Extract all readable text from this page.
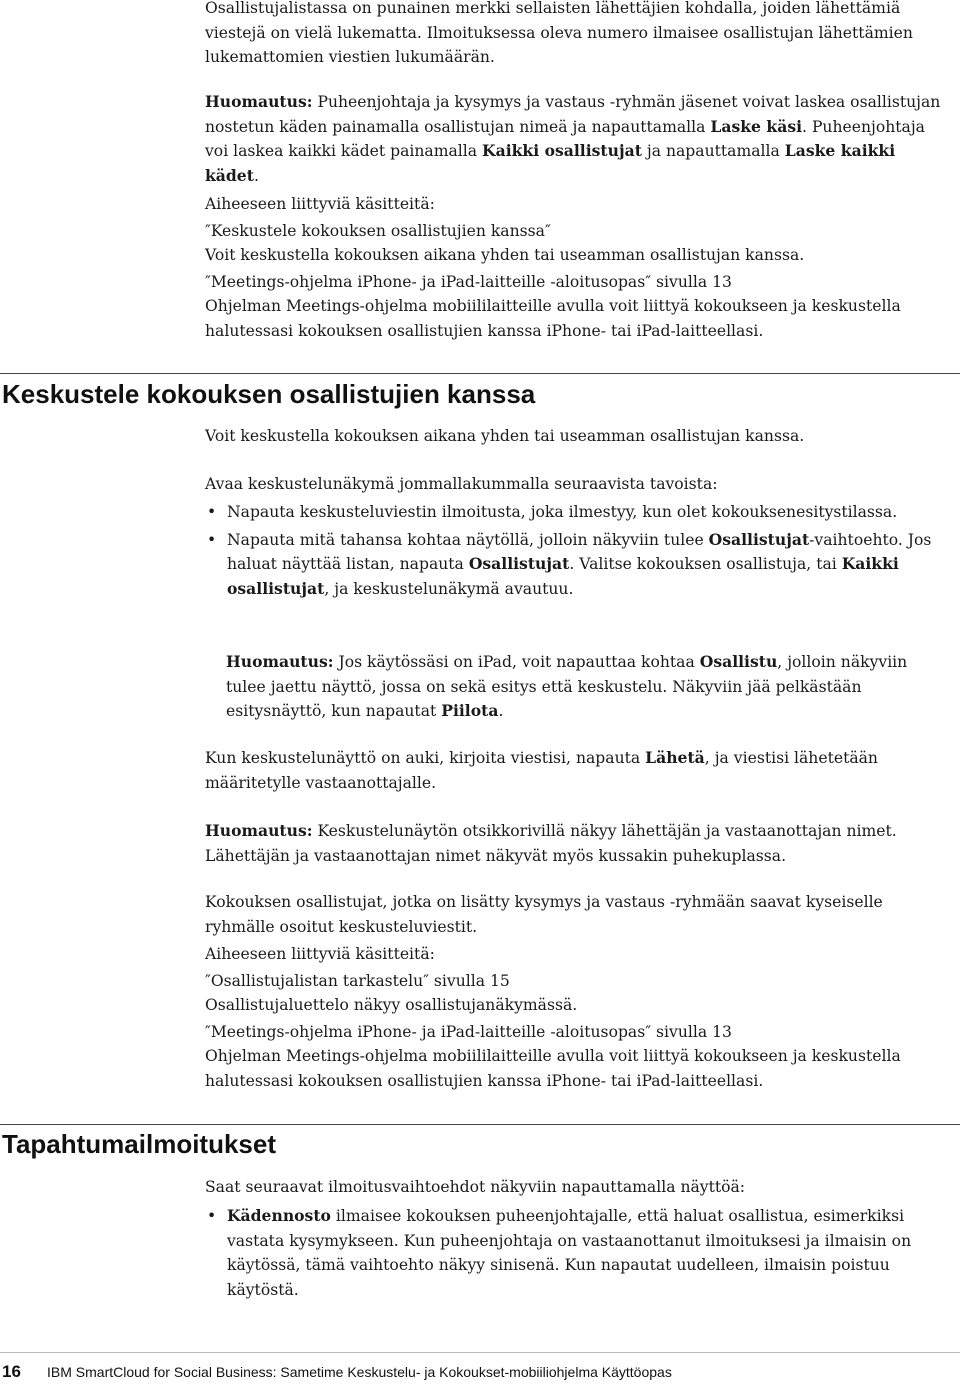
Osallistujalistassa on punainen merkki sellaisten lähettäjien kohdalla, joiden lähettämiä viestejä on vielä lukematta. Ilmoituksessa oleva numero ilmaisee osallistujan lähettämien lukemattomien viestien lukumäärän.

Huomautus: Puheenjohtaja ja kysymys ja vastaus -ryhmän jäsenet voivat laskea osallistujan nostetun käden painamalla osallistujan nimeä ja napauttamalla Laske käsi. Puheenjohtaja voi laskea kaikki kädet painamalla Kaikki osallistujat ja napauttamalla Laske kaikki kädet.

Aiheeseen liittyviä käsitteitä:
″Keskustele kokouksen osallistujien kanssa″
Voit keskustella kokouksen aikana yhden tai useamman osallistujan kanssa.
″Meetings-ohjelma iPhone- ja iPad-laitteille -aloitusopas″ sivulla 13
Ohjelman Meetings-ohjelma mobiililaitteille avulla voit liittyä kokoukseen ja keskustella halutessasi kokouksen osallistujien kanssa iPhone- tai iPad-laitteellasi.
Keskustele kokouksen osallistujien kanssa

Voit keskustella kokouksen aikana yhden tai useamman osallistujan kanssa.

Avaa keskustelunäkymä jommallakummalla seuraavista tavoista:

• Napauta keskusteluviestin ilmoitusta, joka ilmestyy, kun olet kokouksenesitystilassa.
• Napauta mitä tahansa kohtaa näytöllä, jolloin näkyviin tulee Osallistujat-vaihtoehto. Jos haluat näyttää listan, napauta Osallistujat. Valitse kokouksen osallistuja, tai Kaikki osallistujat, ja keskustelunäkymä avautuu.

Huomautus: Jos käytössäsi on iPad, voit napauttaa kohtaa Osallistu, jolloin näkyviin tulee jaettu näyttö, jossa on sekä esitys että keskustelu. Näkyviin jää pelkästään esitysnäyttö, kun napautat Piilota.

Kun keskustelunäyttö on auki, kirjoita viestisi, napauta Lähetä, ja viestisi lähetetään määritetylle vastaanottajalle.

Huomautus: Keskustelunäytön otsikkorivillä näkyy lähettäjän ja vastaanottajan nimet. Lähettäjän ja vastaanottajan nimet näkyvät myös kussakin puhekuplassa.

Kokouksen osallistujat, jotka on lisätty kysymys ja vastaus -ryhmään saavat kyseiselle ryhmälle osoitut keskusteluviestit.

Aiheeseen liittyviä käsitteitä:
″Osallistujalistan tarkastelu″ sivulla 15
Osallistujaluettelo näkyy osallistujanäkymässä.
″Meetings-ohjelma iPhone- ja iPad-laitteille -aloitusopas″ sivulla 13
Ohjelman Meetings-ohjelma mobiililaitteille avulla voit liittyä kokoukseen ja keskustella halutessasi kokouksen osallistujien kanssa iPhone- tai iPad-laitteellasi.
Tapahtumailmoitukset

Saat seuraavat ilmoitusvaihtoehdot näkyviin napauttamalla näyttöä:

• Kädennosto ilmaisee kokouksen puheenjohtajalle, että haluat osallistua, esimerkiksi vastata kysymykseen. Kun puheenjohtaja on vastaanottanut ilmoituksesi ja ilmaisin on käytössä, tämä vaihtoehto näkyy sinisenä. Kun napautat uudelleen, ilmaisin poistuu käytöstä.
16 IBM SmartCloud for Social Business: Sametime Keskustelu- ja Kokoukset-mobiiliohjelma Käyttöopas
